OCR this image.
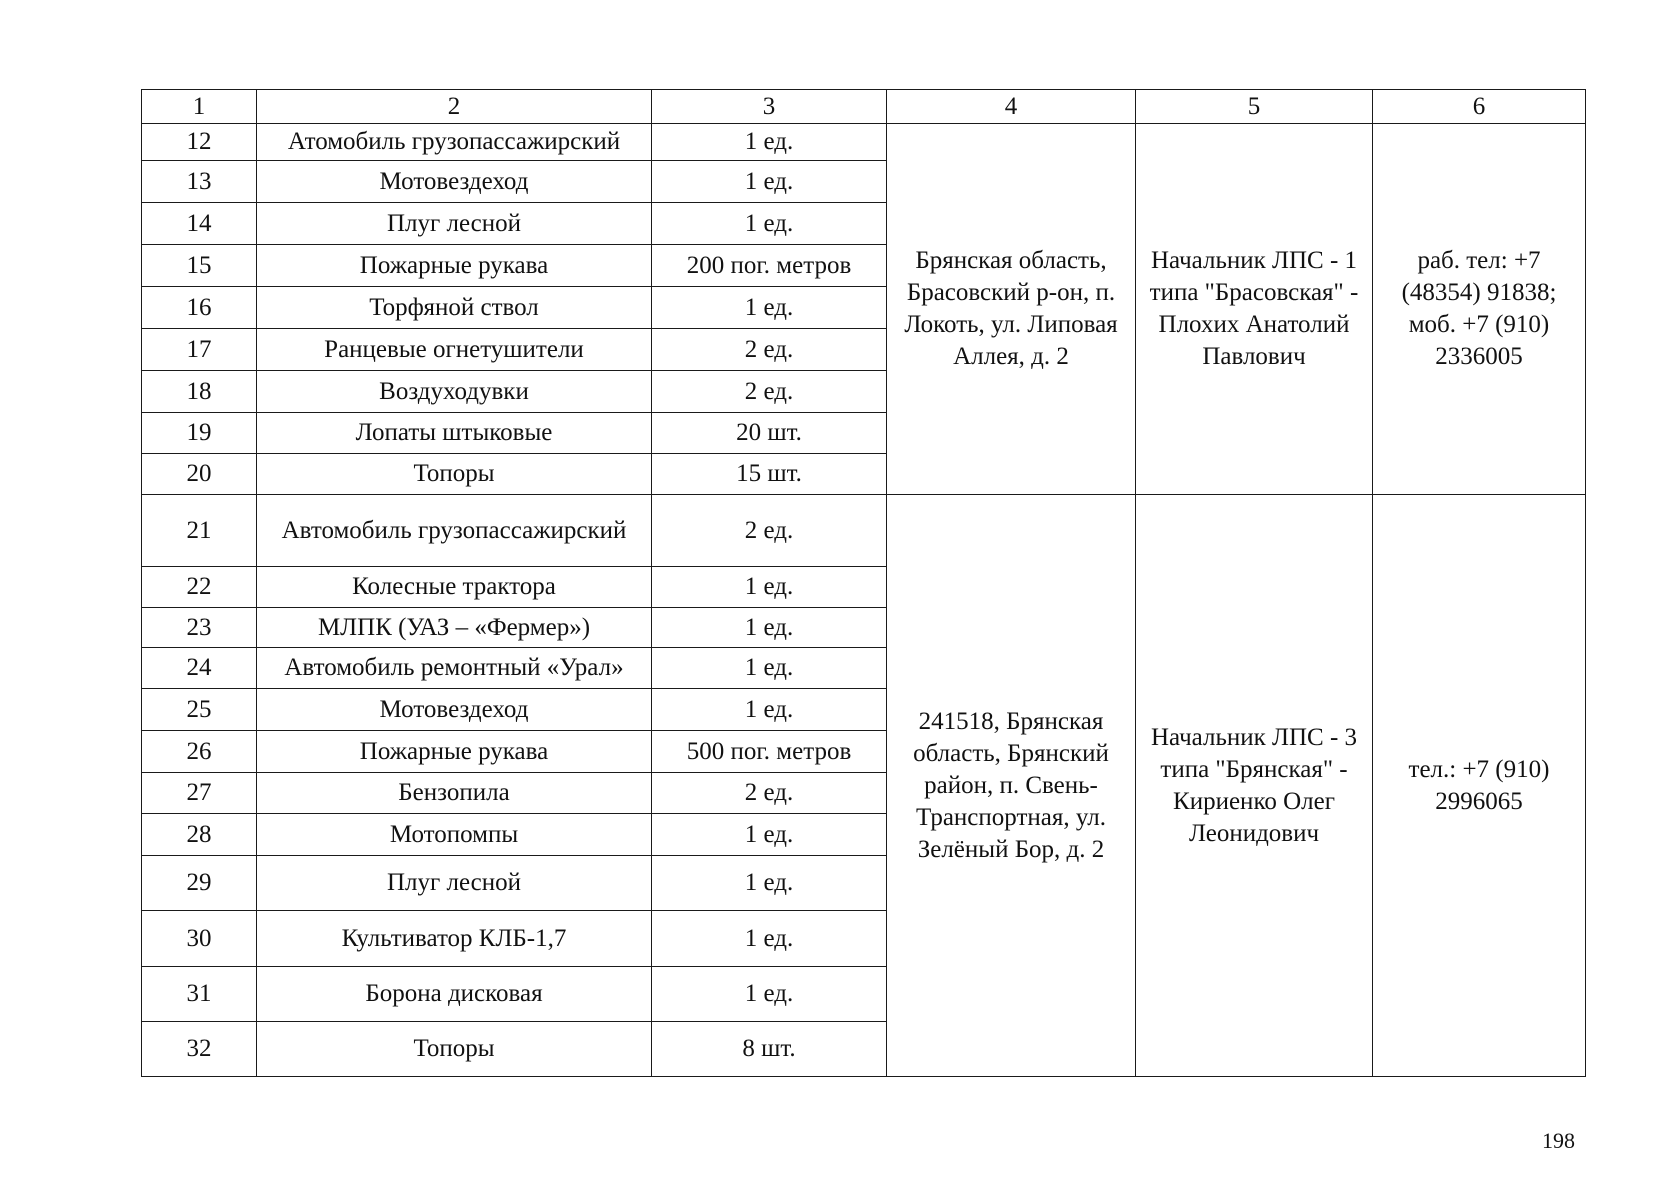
1	2	3	4	5	6
12	Атомобиль грузопассажирский	1 ед.	Брянская область, Брасовский р-он, п. Локоть, ул. Липовая Аллея, д. 2	Начальник ЛПС - 1 типа "Брасовская" - Плохих Анатолий Павлович	раб. тел: +7 (48354) 91838; моб. +7 (910) 2336005
13	Мотовездеход	1 ед.			
14	Плуг лесной	1 ед.			
15	Пожарные рукава	200 пог. метров			
16	Торфяной ствол	1 ед.			
17	Ранцевые огнетушители	2 ед.			
18	Воздуходувки	2 ед.			
19	Лопаты штыковые	20 шт.			
20	Топоры	15 шт.			
21	Автомобиль грузопассажирский	2 ед.	241518, Брянская область, Брянский район, п. Свень-Транспортная, ул. Зелёный Бор, д. 2	Начальник ЛПС - 3 типа "Брянская" - Кириенко Олег Леонидович	тел.: +7 (910) 2996065
22	Колесные трактора	1 ед.			
23	МЛПК (УАЗ – «Фермер»)	1 ед.			
24	Автомобиль ремонтный «Урал»	1 ед.			
25	Мотовездеход	1 ед.			
26	Пожарные рукава	500 пог. метров			
27	Бензопила	2 ед.			
28	Мотопомпы	1 ед.			
29	Плуг лесной	1 ед.			
30	Культиватор КЛБ-1,7	1 ед.			
31	Борона дисковая	1 ед.			
32	Топоры	8 шт.			
198
